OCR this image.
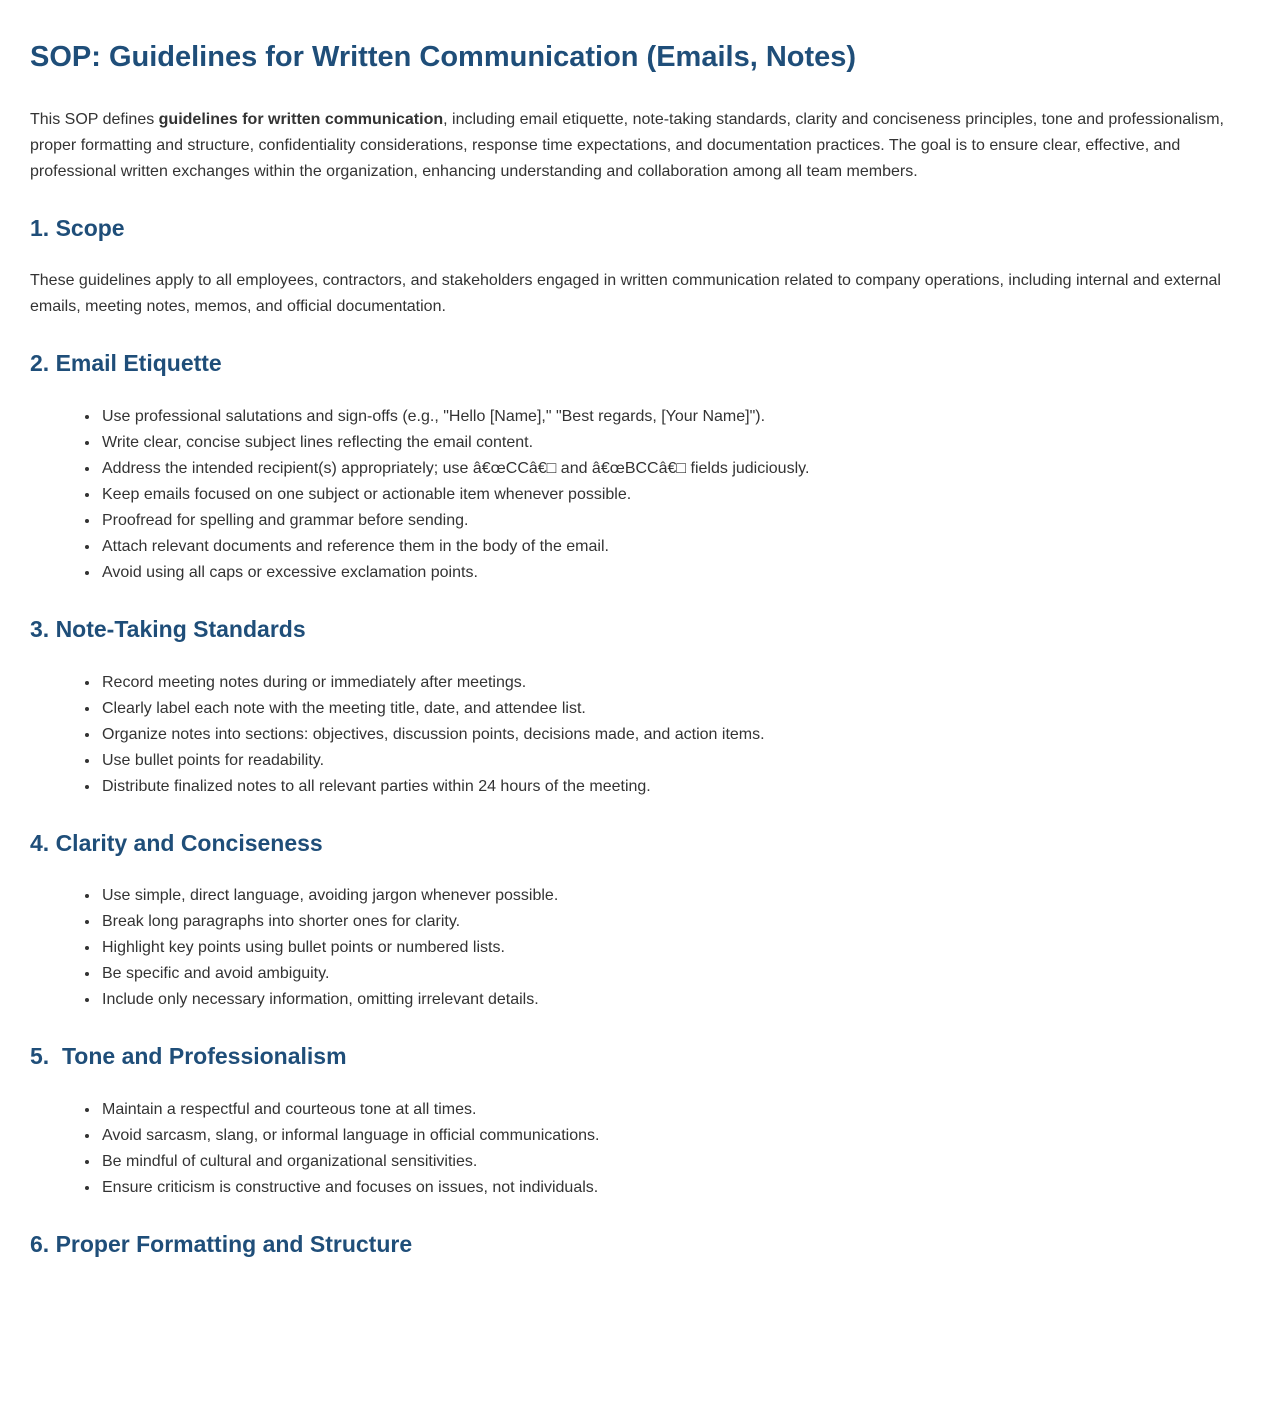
SOP: Guidelines for Written Communication (Emails, Notes)

This SOP defines guidelines for written communication, including email etiquette, note-taking standards, clarity and conciseness principles, tone and professionalism, proper formatting and structure, confidentiality considerations, response time expectations, and documentation practices. The goal is to ensure clear, effective, and professional written exchanges within the organization, enhancing understanding and collaboration among all team members.

1. Scope

These guidelines apply to all employees, contractors, and stakeholders engaged in written communication related to company operations, including internal and external emails, meeting notes, memos, and official documentation.

2. Email Etiquette
• Use professional salutations and sign-offs (e.g., "Hello [Name]," "Best regards, [Your Name]").
• Write clear, concise subject lines reflecting the email content.
• Address the intended recipient(s) appropriately; use â€œCCâ€□ and â€œBCCâ€□ fields judiciously.
• Keep emails focused on one subject or actionable item whenever possible.
• Proofread for spelling and grammar before sending.
• Attach relevant documents and reference them in the body of the email.
• Avoid using all caps or excessive exclamation points.
3. Note-Taking Standards
• Record meeting notes during or immediately after meetings.
• Clearly label each note with the meeting title, date, and attendee list.
• Organize notes into sections: objectives, discussion points, decisions made, and action items.
• Use bullet points for readability.
• Distribute finalized notes to all relevant parties within 24 hours of the meeting.
4. Clarity and Conciseness
• Use simple, direct language, avoiding jargon whenever possible.
• Break long paragraphs into shorter ones for clarity.
• Highlight key points using bullet points or numbered lists.
• Be specific and avoid ambiguity.
• Include only necessary information, omitting irrelevant details.
5.  Tone and Professionalism
• Maintain a respectful and courteous tone at all times.
• Avoid sarcasm, slang, or informal language in official communications.
• Be mindful of cultural and organizational sensitivities.
• Ensure criticism is constructive and focuses on issues, not individuals.
6. Proper Formatting and Structure
